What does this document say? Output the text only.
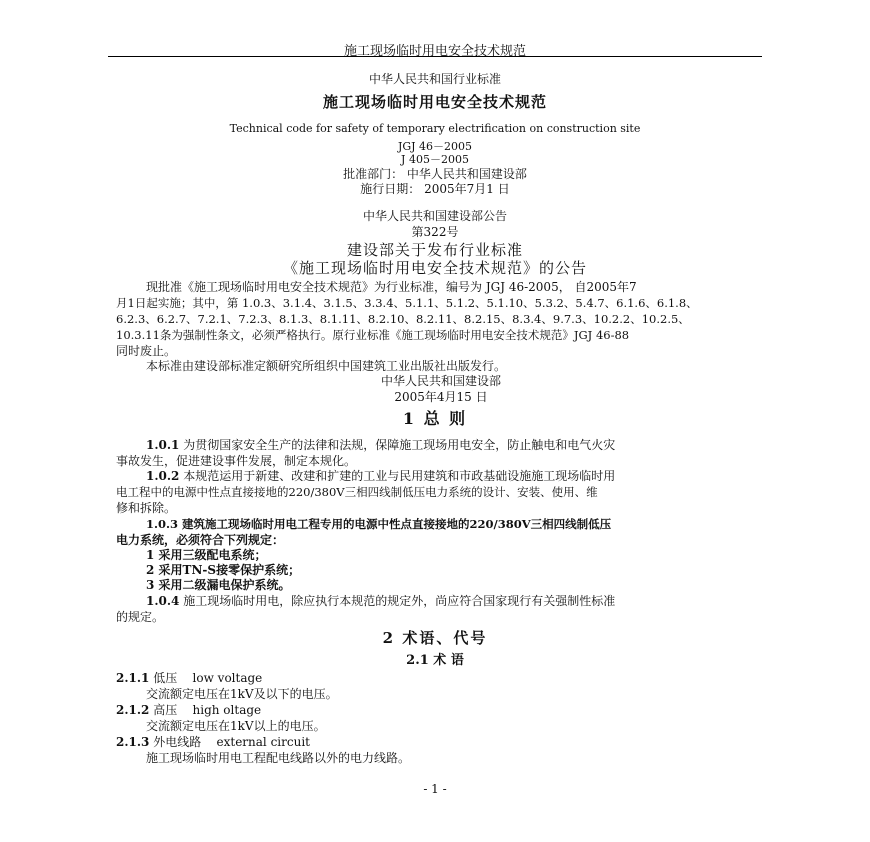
施工现场临时用电安全技术规范
中华人民共和国行业标准
施工现场临时用电安全技术规范
Technical code for safety of temporary electrification on construction site
JGJ 46－2005
J 405－2005
批准部门： 中华人民共和国建设部
施行日期： 2005年7月1 日
中华人民共和国建设部公告
第322号
建设部关于发布行业标准
《施工现场临时用电安全技术规范》的公告
现批准《施工现场临时用电安全技术规范》为行业标准，编号为 JGJ 46-2005， 自2005年7
月1日起实施；其中，第 1.0.3、3.1.4、3.1.5、3.3.4、5.1.1、5.1.2、5.1.10、5.3.2、5.4.7、6.1.6、6.1.8、
6.2.3、6.2.7、7.2.1、7.2.3、8.1.3、8.1.11、8.2.10、8.2.11、8.2.15、8.3.4、9.7.3、10.2.2、10.2.5、
10.3.11条为强制性条文，必须严格执行。原行业标准《施工现场临时用电安全技术规范》JGJ 46-88
同时废止。
本标准由建设部标准定额研究所组织中国建筑工业出版社出版发行。
中华人民共和国建设部
2005年4月15 日
1 总 则
1.0.1 为贯彻国家安全生产的法律和法规，保障施工现场用电安全，防止触电和电气火灾
事故发生，促进建设事件发展，制定本规化。
1.0.2 本规范运用于新建、改建和扩建的工业与民用建筑和市政基础设施施工现场临时用
电工程中的电源中性点直接接地的220/380V三相四线制低压电力系统的设计、安装、使用、维
修和拆除。
1.0.3 建筑施工现场临时用电工程专用的电源中性点直接接地的220/380V三相四线制低压
电力系统，必须符合下列规定：
1 采用三级配电系统；
2 采用TN-S接零保护系统；
3 采用二级漏电保护系统。
1.0.4 施工现场临时用电，除应执行本规范的规定外，尚应符合国家现行有关强制性标准
的规定。
2 术语、代号
2.1 术 语
2.1.1 低压 low voltage
交流额定电压在1kV及以下的电压。
2.1.2 高压 high oltage
交流额定电压在1kV以上的电压。
2.1.3 外电线路 external circuit
施工现场临时用电工程配电线路以外的电力线路。
- 1 -
